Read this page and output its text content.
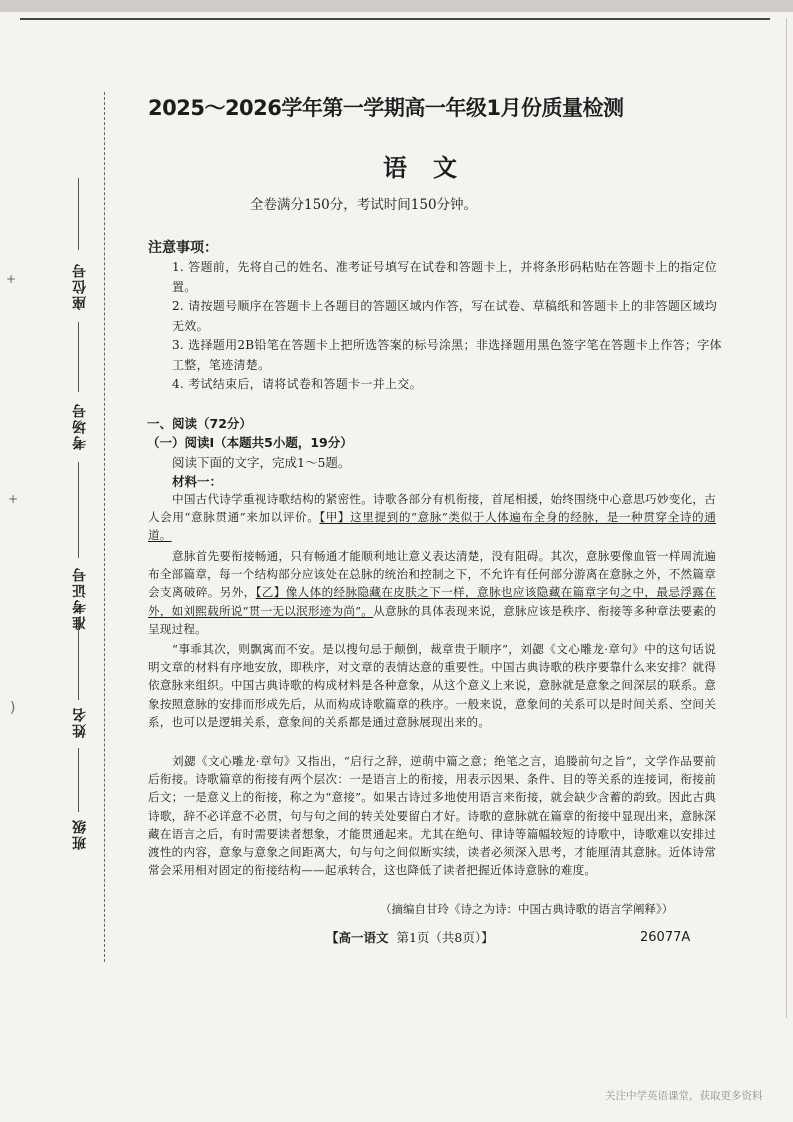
+
+
)
座位号
考场号
准考证号
姓名
班级
2025～2026学年第一学期高一年级1月份质量检测
语文
全卷满分150分，考试时间150分钟。
注意事项：
1. 答题前，先将自己的姓名、准考证号填写在试卷和答题卡上，并将条形码粘贴在答题卡上的指定位置。
2. 请按题号顺序在答题卡上各题目的答题区域内作答，写在试卷、草稿纸和答题卡上的非答题区域均无效。
3. 选择题用2B铅笔在答题卡上把所选答案的标号涂黑；非选择题用黑色签字笔在答题卡上作答；字体工整，笔迹清楚。
4. 考试结束后，请将试卷和答题卡一并上交。
一、阅读（72分）
（一）阅读Ⅰ（本题共5小题，19分）
阅读下面的文字，完成1～5题。
材料一：
中国古代诗学重视诗歌结构的紧密性。诗歌各部分有机衔接，首尾相援，始终围绕中心意思巧妙变化，古人会用“意脉贯通”来加以评价。【甲】这里提到的“意脉”类似于人体遍布全身的经脉，是一种贯穿全诗的通道。
意脉首先要衔接畅通，只有畅通才能顺利地让意义表达清楚，没有阻碍。其次，意脉要像血管一样周流遍布全部篇章，每一个结构部分应该处在总脉的统治和控制之下，不允许有任何部分游离在意脉之外，不然篇章会支离破碎。另外，【乙】像人体的经脉隐藏在皮肤之下一样，意脉也应该隐藏在篇章字句之中，最忌浮露在外，如刘熙载所说“贯一无以泯形迹为尚”。从意脉的具体表现来说，意脉应该是秩序、衔接等多种章法要素的呈现过程。
“事乖其次，则飘寓而不安。是以搜句忌于颠倒，裁章贵于顺序”，刘勰《文心雕龙·章句》中的这句话说明文章的材料有序地安放，即秩序，对文章的表情达意的重要性。中国古典诗歌的秩序要靠什么来安排？就得依意脉来组织。中国古典诗歌的构成材料是各种意象，从这个意义上来说，意脉就是意象之间深层的联系。意象按照意脉的安排而形成先后，从而构成诗歌篇章的秩序。一般来说，意象间的关系可以是时间关系、空间关系，也可以是逻辑关系，意象间的关系都是通过意脉展现出来的。
刘勰《文心雕龙·章句》又指出，“启行之辞，逆萌中篇之意；绝笔之言，追媵前句之旨”，文学作品要前后衔接。诗歌篇章的衔接有两个层次：一是语言上的衔接，用表示因果、条件、目的等关系的连接词，衔接前后文；一是意义上的衔接，称之为“意接”。如果古诗过多地使用语言来衔接，就会缺少含蓄的韵致。因此古典诗歌，辞不必详意不必贯，句与句之间的转关处要留白才好。诗歌的意脉就在篇章的衔接中显现出来，意脉深藏在语言之后，有时需要读者想象，才能贯通起来。尤其在绝句、律诗等篇幅较短的诗歌中，诗歌难以安排过渡性的内容，意象与意象之间距离大，句与句之间似断实续，读者必须深入思考，才能厘清其意脉。近体诗常常会采用相对固定的衔接结构——起承转合，这也降低了读者把握近体诗意脉的难度。
（摘编自甘玲《诗之为诗：中国古典诗歌的语言学阐释》）
【高一语文 第1页（共8页）】	26077A
关注中学英语课堂，获取更多资料
